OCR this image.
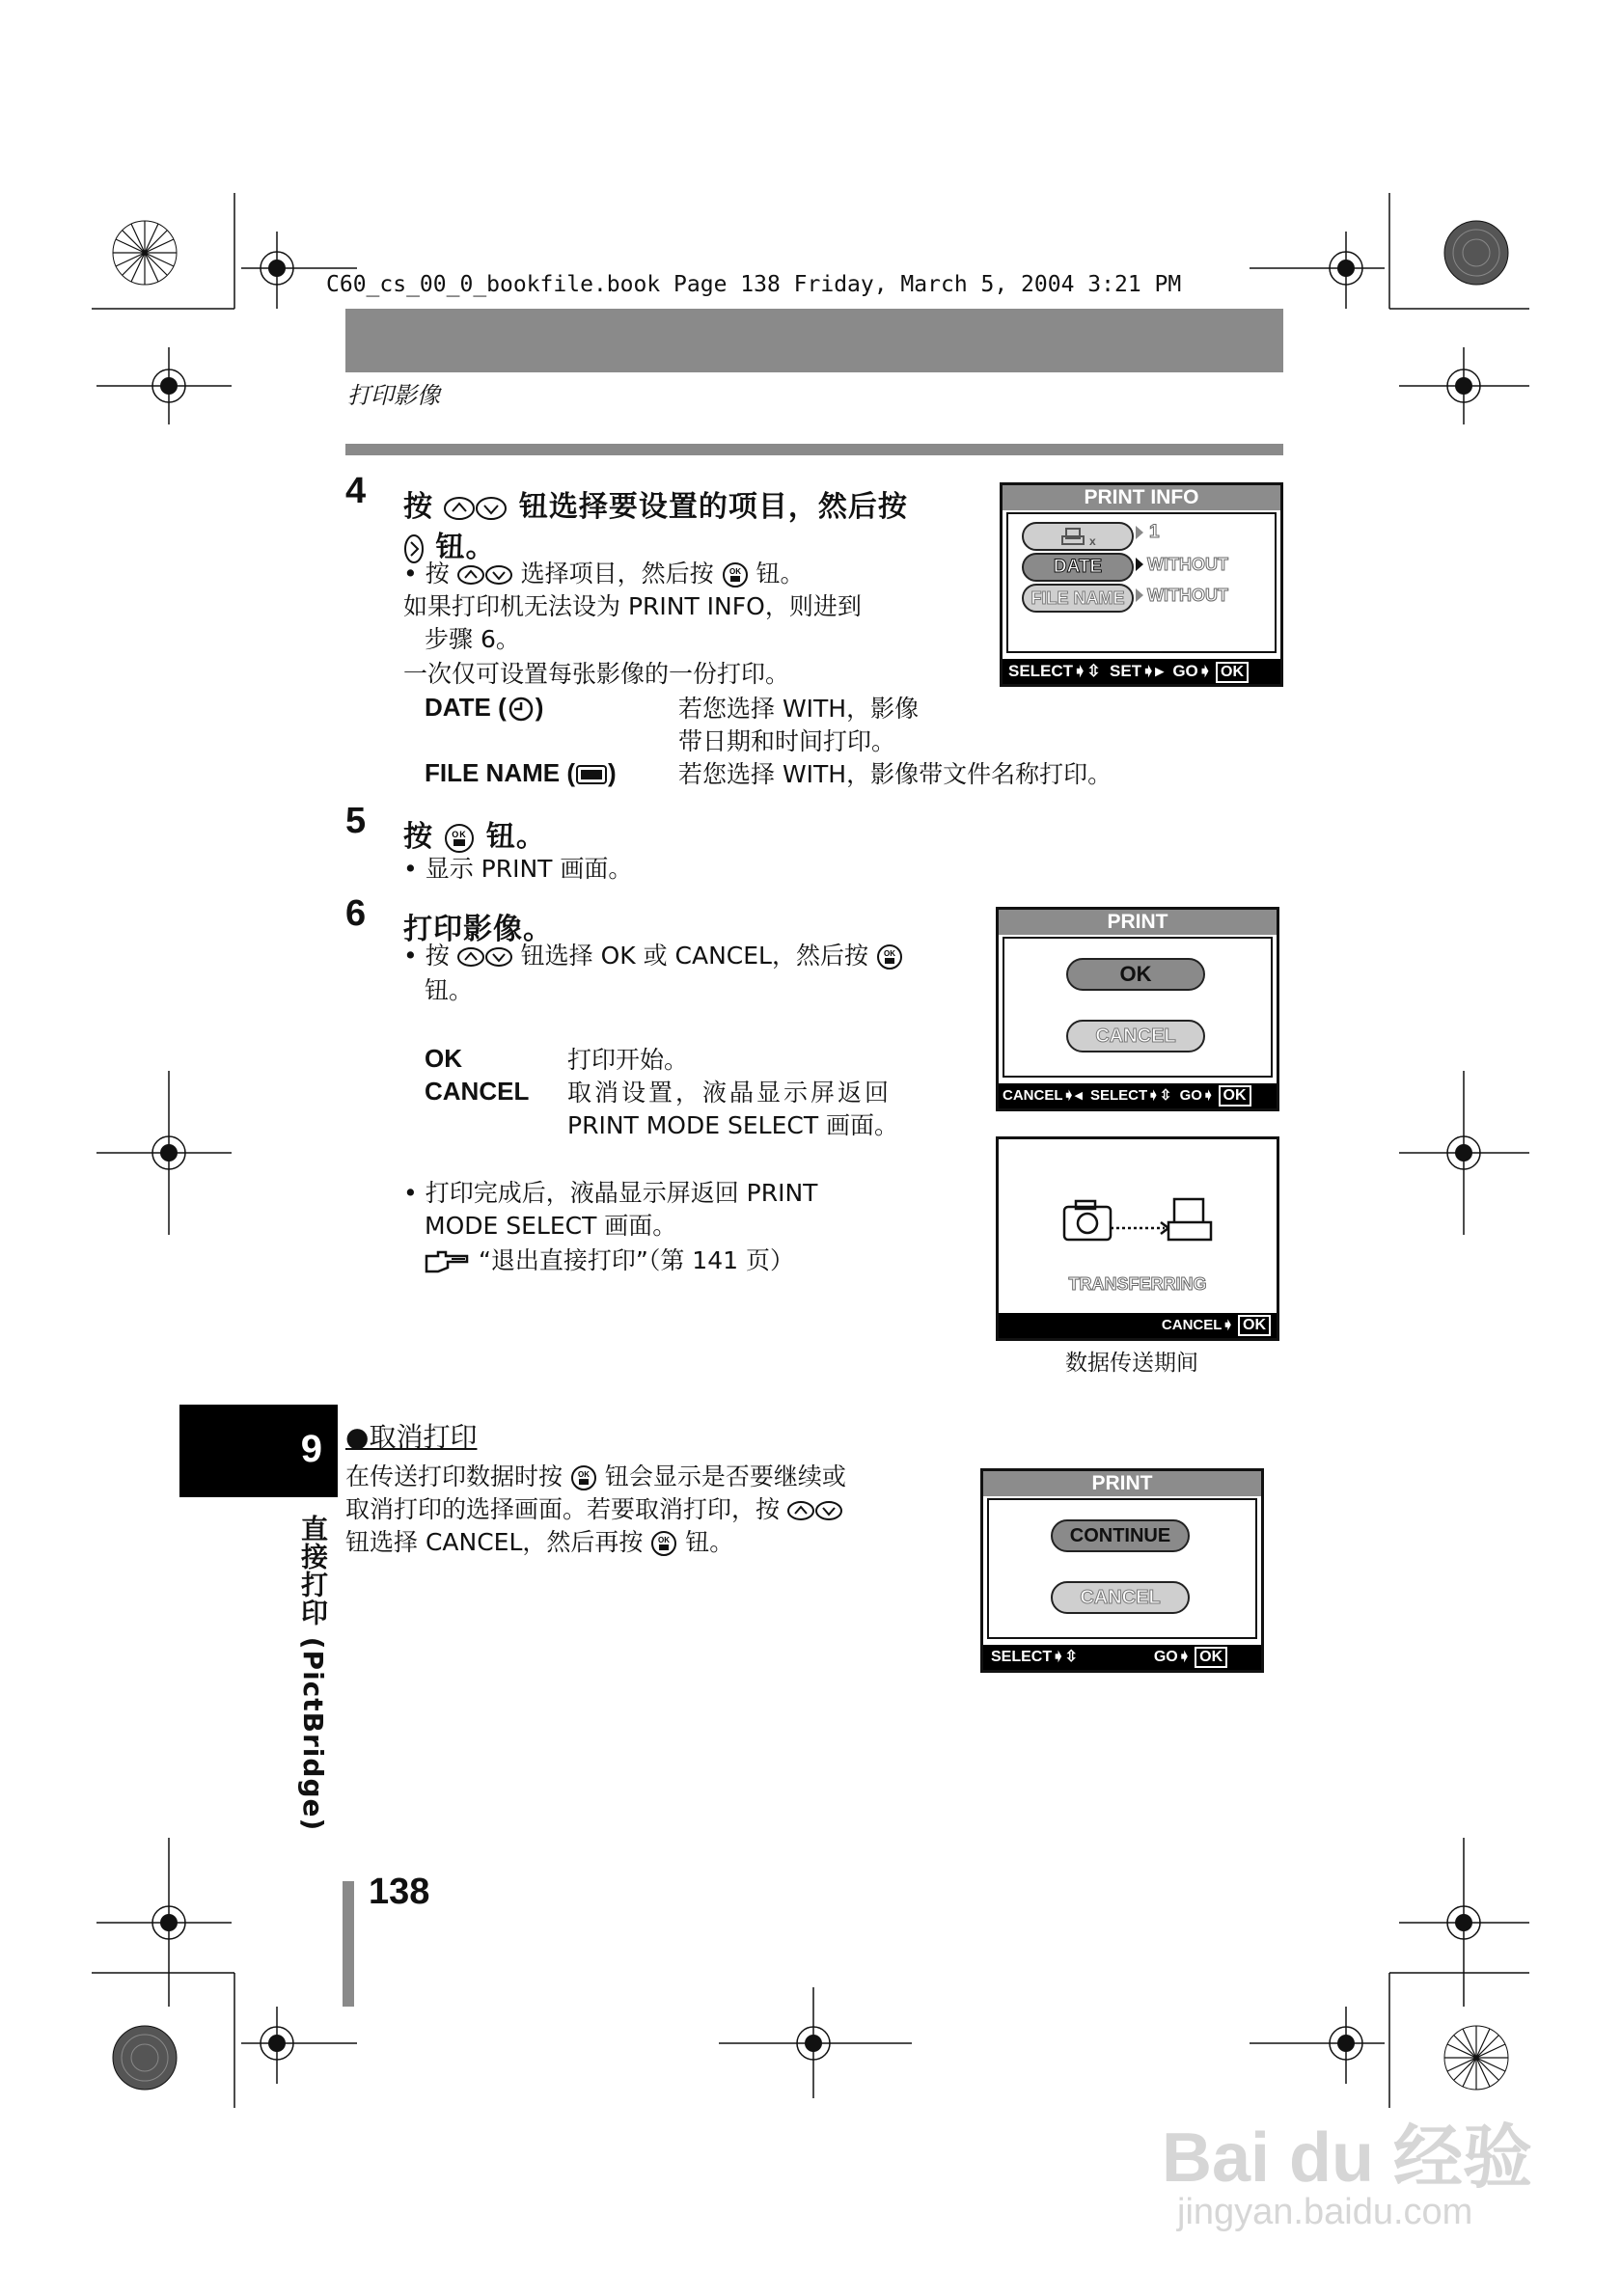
C60_cs_00_0_bookfile.book Page 138 Friday, March 5, 2004 3:21 PM
打印影像
4 按	钮选择要设置的项目，然后按
钮。
• 按	选择项目，然后按 OK 钮。
如果打印机无法设为 PRINT INFO，则进到
步骤 6。
一次仅可设置每张影像的一份打印。
DATE ( )	若您选择 WITH，影像
带日期和时间打印。
FILE NAME ( )	若您选择 WITH，影像带文件名称打印。
PRINT INFO
x	1
DATE	WITHOUT
FILE NAME	WITHOUT
SELECT➧⇳ SET➧▸  GO➧ OK
5 按 OK 钮。
• 显示 PRINT 画面。
6 打印影像。
• 按	钮选择 OK 或 CANCEL，然后按 OK
钮。
OK	打印开始。
CANCEL 取消设置，液晶显示屏返回
PRINT MODE SELECT 画面。
• 打印完成后，液晶显示屏返回 PRINT
MODE SELECT 画面。
“退出直接打印”（第 141 页）
PRINT
OK
CANCEL
CANCEL➧◂  SELECT➧⇳  GO➧ OK
TRANSFERRING
CANCEL➧ OK
数据传送期间
9
直接打印 (PictBridge)
●取消打印
在传送打印数据时按 OK 钮会显示是否要继续或
取消打印的选择画面。若要取消打印，按
钮选择 CANCEL，然后再按 OK 钮。
PRINT
CONTINUE
CANCEL
SELECT➧⇳	GO➧ OK
138
Bai du 经验
jingyan.baidu.com
